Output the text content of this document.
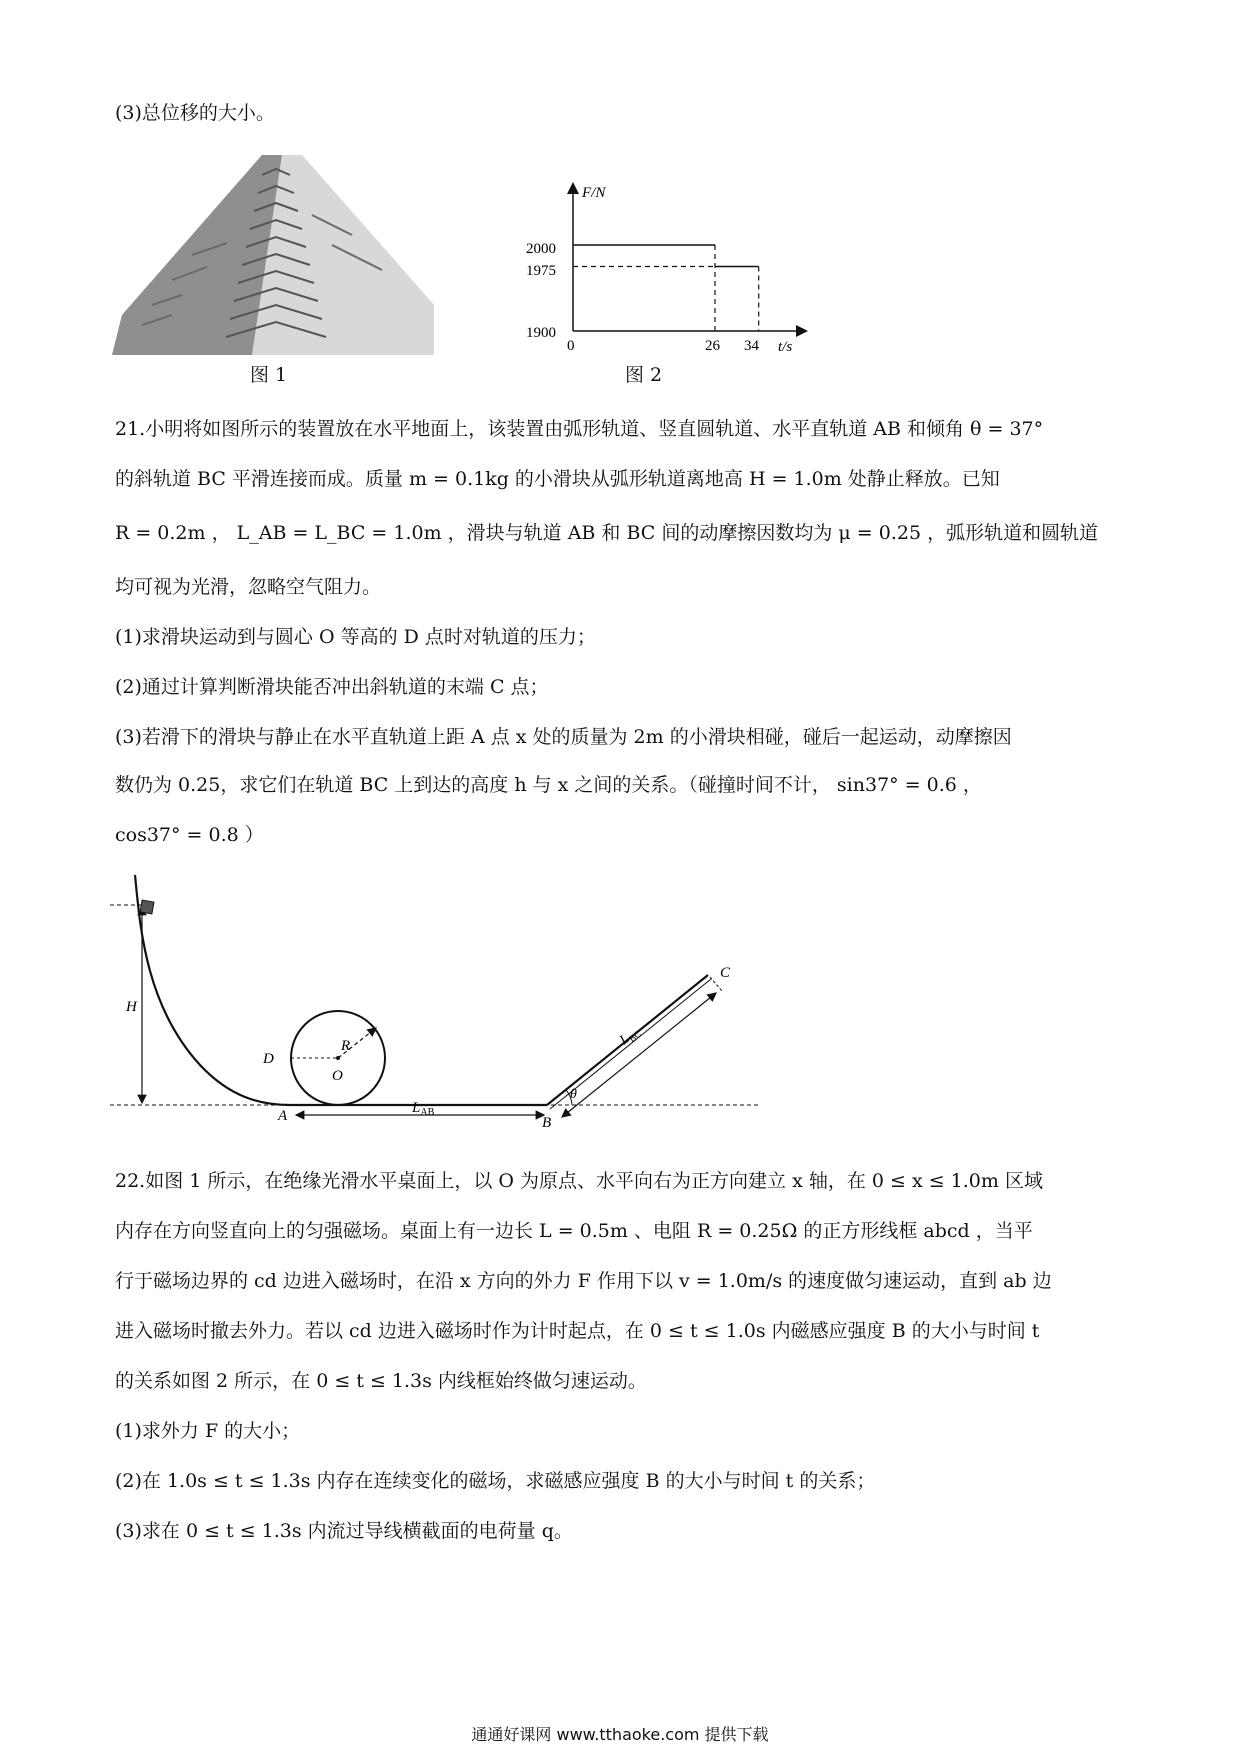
(3)总位移的大小。
图 1
F/N
t/s
0
2000
1975
1900
26 34
图 2
21.小明将如图所示的装置放在水平地面上，该装置由弧形轨道、竖直圆轨道、水平直轨道 AB 和倾角 θ = 37°
的斜轨道 BC 平滑连接而成。质量 m = 0.1kg 的小滑块从弧形轨道离地高 H = 1.0m 处静止释放。已知
R = 0.2m ， L_AB = L_BC = 1.0m ，滑块与轨道 AB 和 BC 间的动摩擦因数均为 μ = 0.25 ，弧形轨道和圆轨道
均可视为光滑，忽略空气阻力。
(1)求滑块运动到与圆心 O 等高的 D 点时对轨道的压力；
(2)通过计算判断滑块能否冲出斜轨道的末端 C 点；
(3)若滑下的滑块与静止在水平直轨道上距 A 点 x 处的质量为 2m 的小滑块相碰，碰后一起运动，动摩擦因
数仍为 0.25，求它们在轨道 BC 上到达的高度 h 与 x 之间的关系。（碰撞时间不计， sin37° = 0.6 ，
cos37° = 0.8 ）
H
D
O
R
A	B
$L_{AB}$
C
$L_{BC}$
θ
22.如图 1 所示，在绝缘光滑水平桌面上，以 O 为原点、水平向右为正方向建立 x 轴，在 0 ≤ x ≤ 1.0m 区域
内存在方向竖直向上的匀强磁场。桌面上有一边长 L = 0.5m 、电阻 R = 0.25Ω 的正方形线框 abcd ，当平
行于磁场边界的 cd 边进入磁场时，在沿 x 方向的外力 F 作用下以 v = 1.0m/s 的速度做匀速运动，直到 ab 边
进入磁场时撤去外力。若以 cd 边进入磁场时作为计时起点，在 0 ≤ t ≤ 1.0s 内磁感应强度 B 的大小与时间 t
的关系如图 2 所示，在 0 ≤ t ≤ 1.3s 内线框始终做匀速运动。
(1)求外力 F 的大小；
(2)在 1.0s ≤ t ≤ 1.3s 内存在连续变化的磁场，求磁感应强度 B 的大小与时间 t 的关系；
(3)求在 0 ≤ t ≤ 1.3s 内流过导线横截面的电荷量 q。
通通好课网 www.tthaoke.com 提供下载
